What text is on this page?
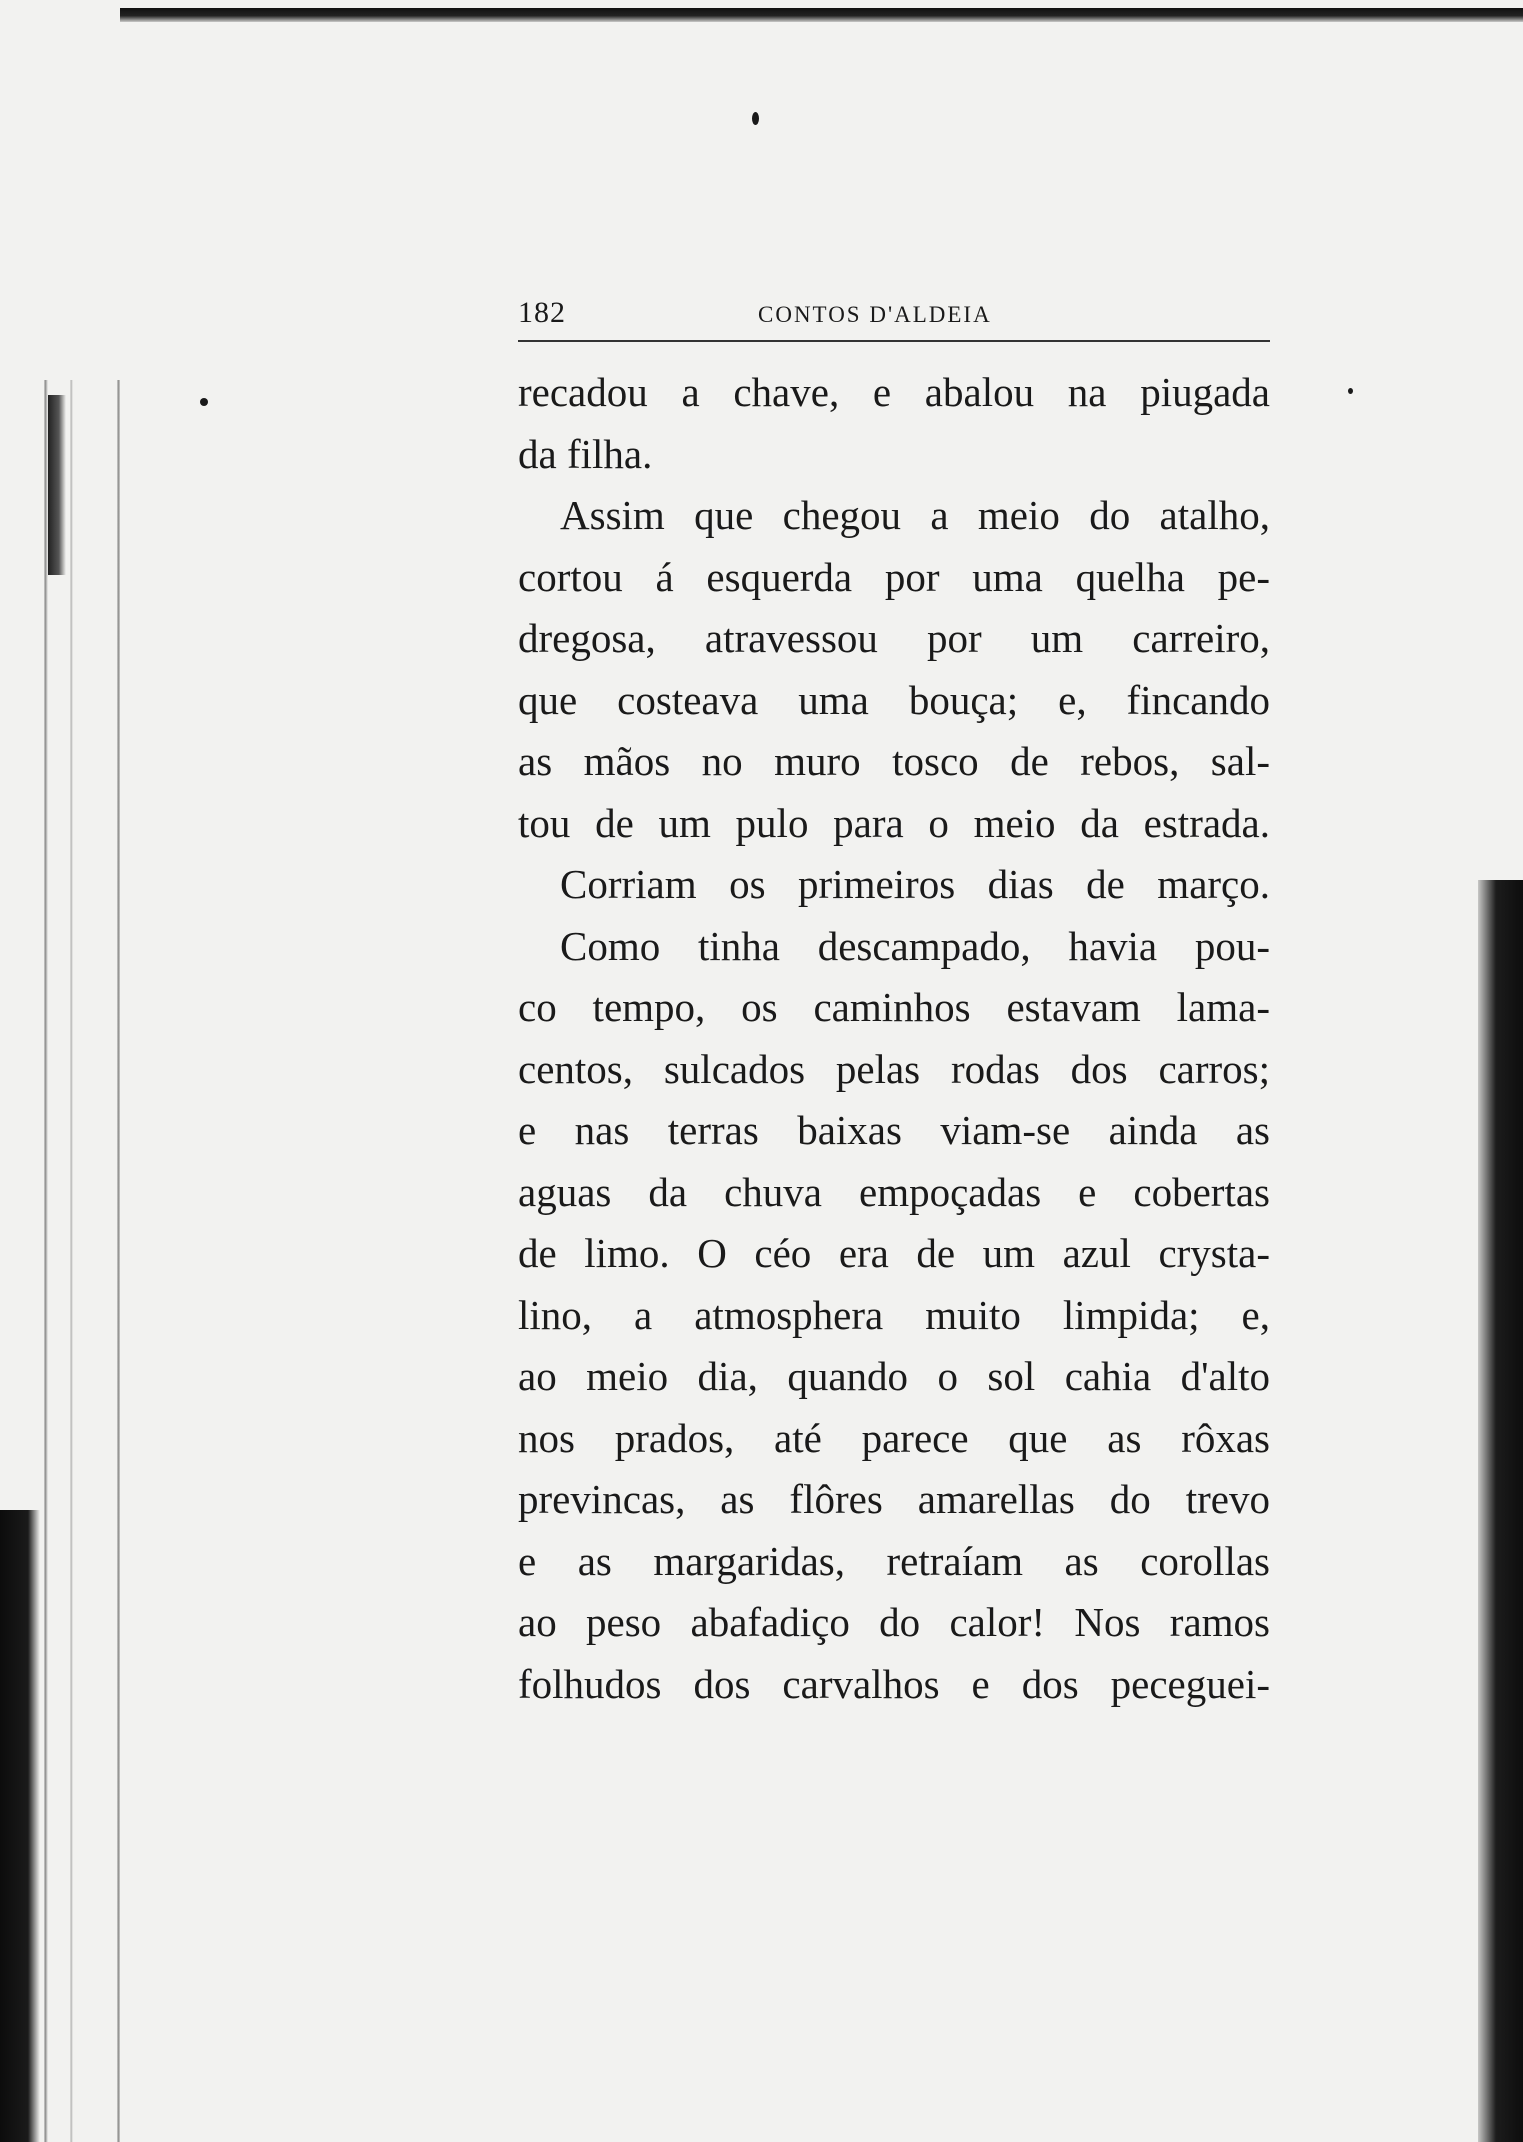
182	CONTOS D'ALDEIA

recadou a chave, e abalou na piugada
da filha.

Assim que chegou a meio do atalho,
cortou á esquerda por uma quelha pe-
dregosa, atravessou por um carreiro,
que costeava uma bouça; e, fincando
as mãos no muro tosco de rebos, sal-
tou de um pulo para o meio da estrada.

Corriam os primeiros dias de março.

Como tinha descampado, havia pou-
co tempo, os caminhos estavam lama-
centos, sulcados pelas rodas dos carros;
e nas terras baixas viam-se ainda as
aguas da chuva empoçadas e cobertas
de limo. O céo era de um azul crysta-
lino, a atmosphera muito limpida; e,
ao meio dia, quando o sol cahia d'alto
nos prados, até parece que as rôxas
previncas, as flôres amarellas do trevo
e as margaridas, retraíam as corollas
ao peso abafadiço do calor! Nos ramos
folhudos dos carvalhos e dos peceguei-
